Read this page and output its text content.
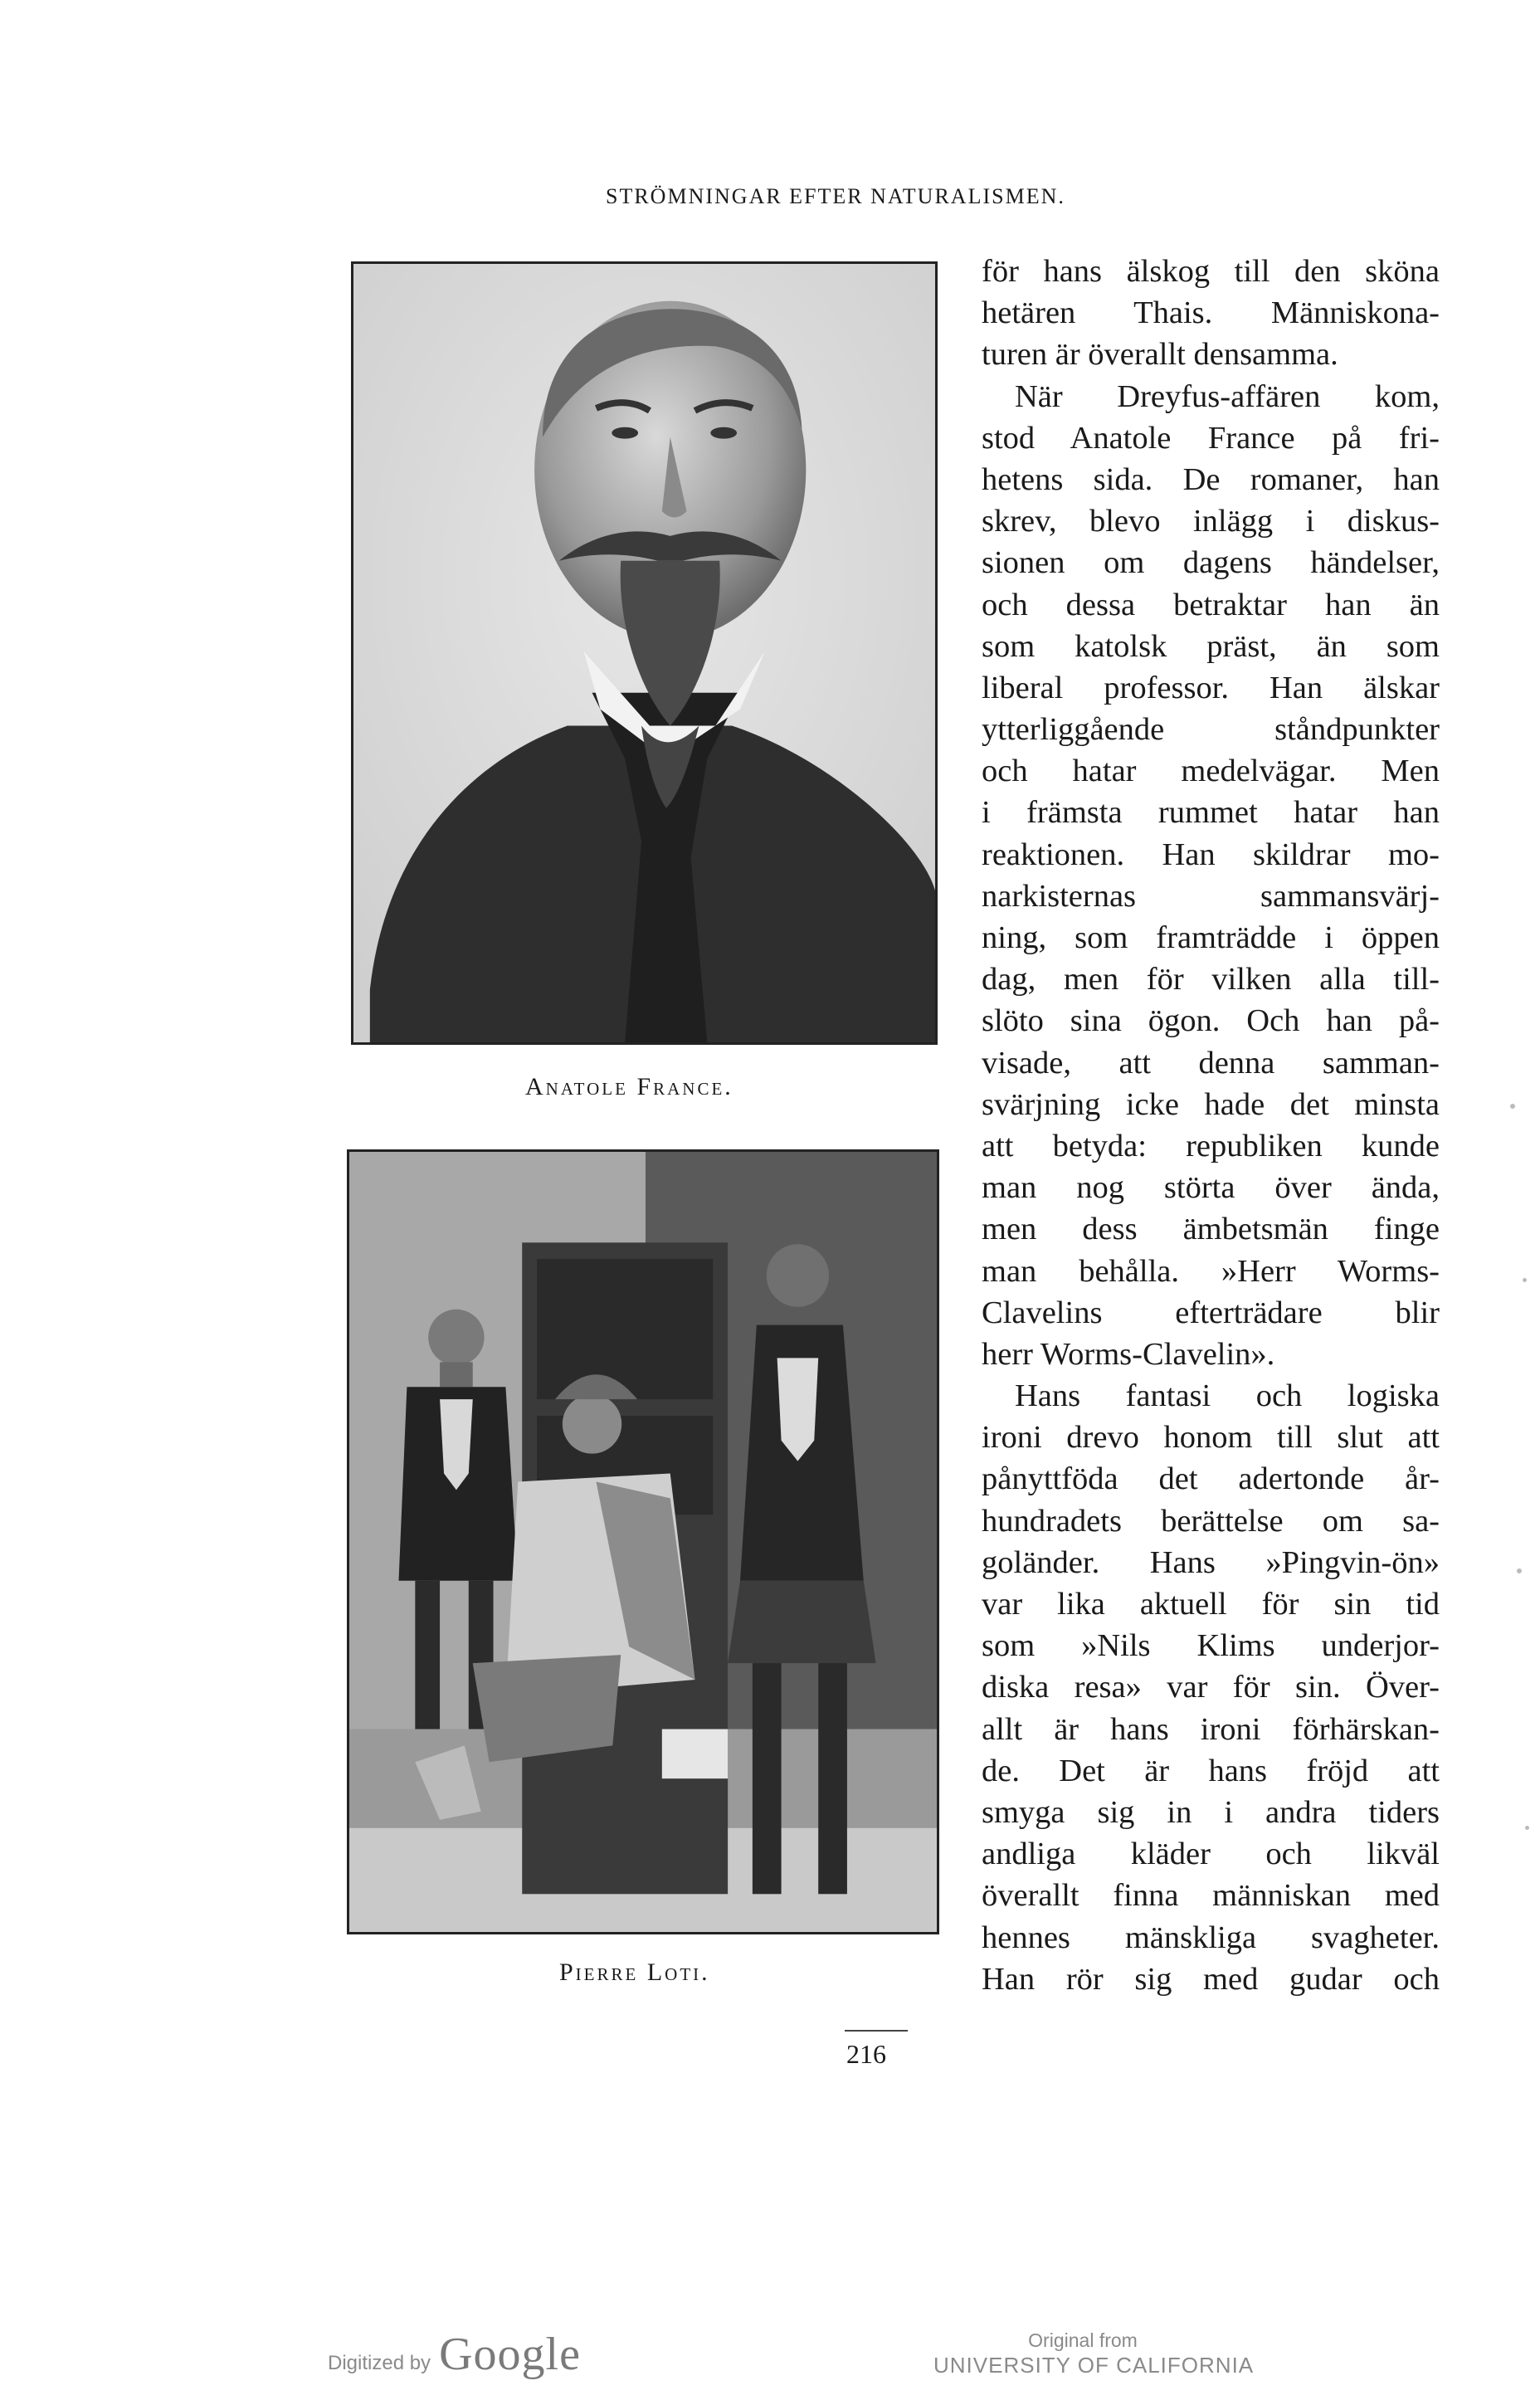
STRÖMNINGAR EFTER NATURALISMEN.
Anatole France.
Pierre Loti.
för hans älskog till den sköna
hetären Thais. Människona-
turen är överallt densamma.
När Dreyfus-affären kom,
stod Anatole France på fri-
hetens sida. De romaner, han
skrev, blevo inlägg i diskus-
sionen om dagens händelser,
och dessa betraktar han än
som katolsk präst, än som
liberal professor. Han älskar
ytterliggående ståndpunkter
och hatar medelvägar. Men
i främsta rummet hatar han
reaktionen. Han skildrar mo-
narkisternas sammansvärj-
ning, som framträdde i öppen
dag, men för vilken alla till-
slöto sina ögon. Och han på-
visade, att denna samman-
svärjning icke hade det minsta
att betyda: republiken kunde
man nog störta över ända,
men dess ämbetsmän finge
man behålla. »Herr Worms-
Clavelins efterträdare blir
herr Worms-Clavelin».
Hans fantasi och logiska
ironi drevo honom till slut att
pånyttföda det adertonde år-
hundradets berättelse om sa-
goländer. Hans »Pingvin-ön»
var lika aktuell för sin tid
som »Nils Klims underjor-
diska resa» var för sin. Över-
allt är hans ironi förhärskan-
de. Det är hans fröjd att
smyga sig in i andra tiders
andliga kläder och likväl
överallt finna människan med
hennes mänskliga svagheter.
Han rör sig med gudar och
216
Digitized by Google	Original from
UNIVERSITY OF CALIFORNIA
